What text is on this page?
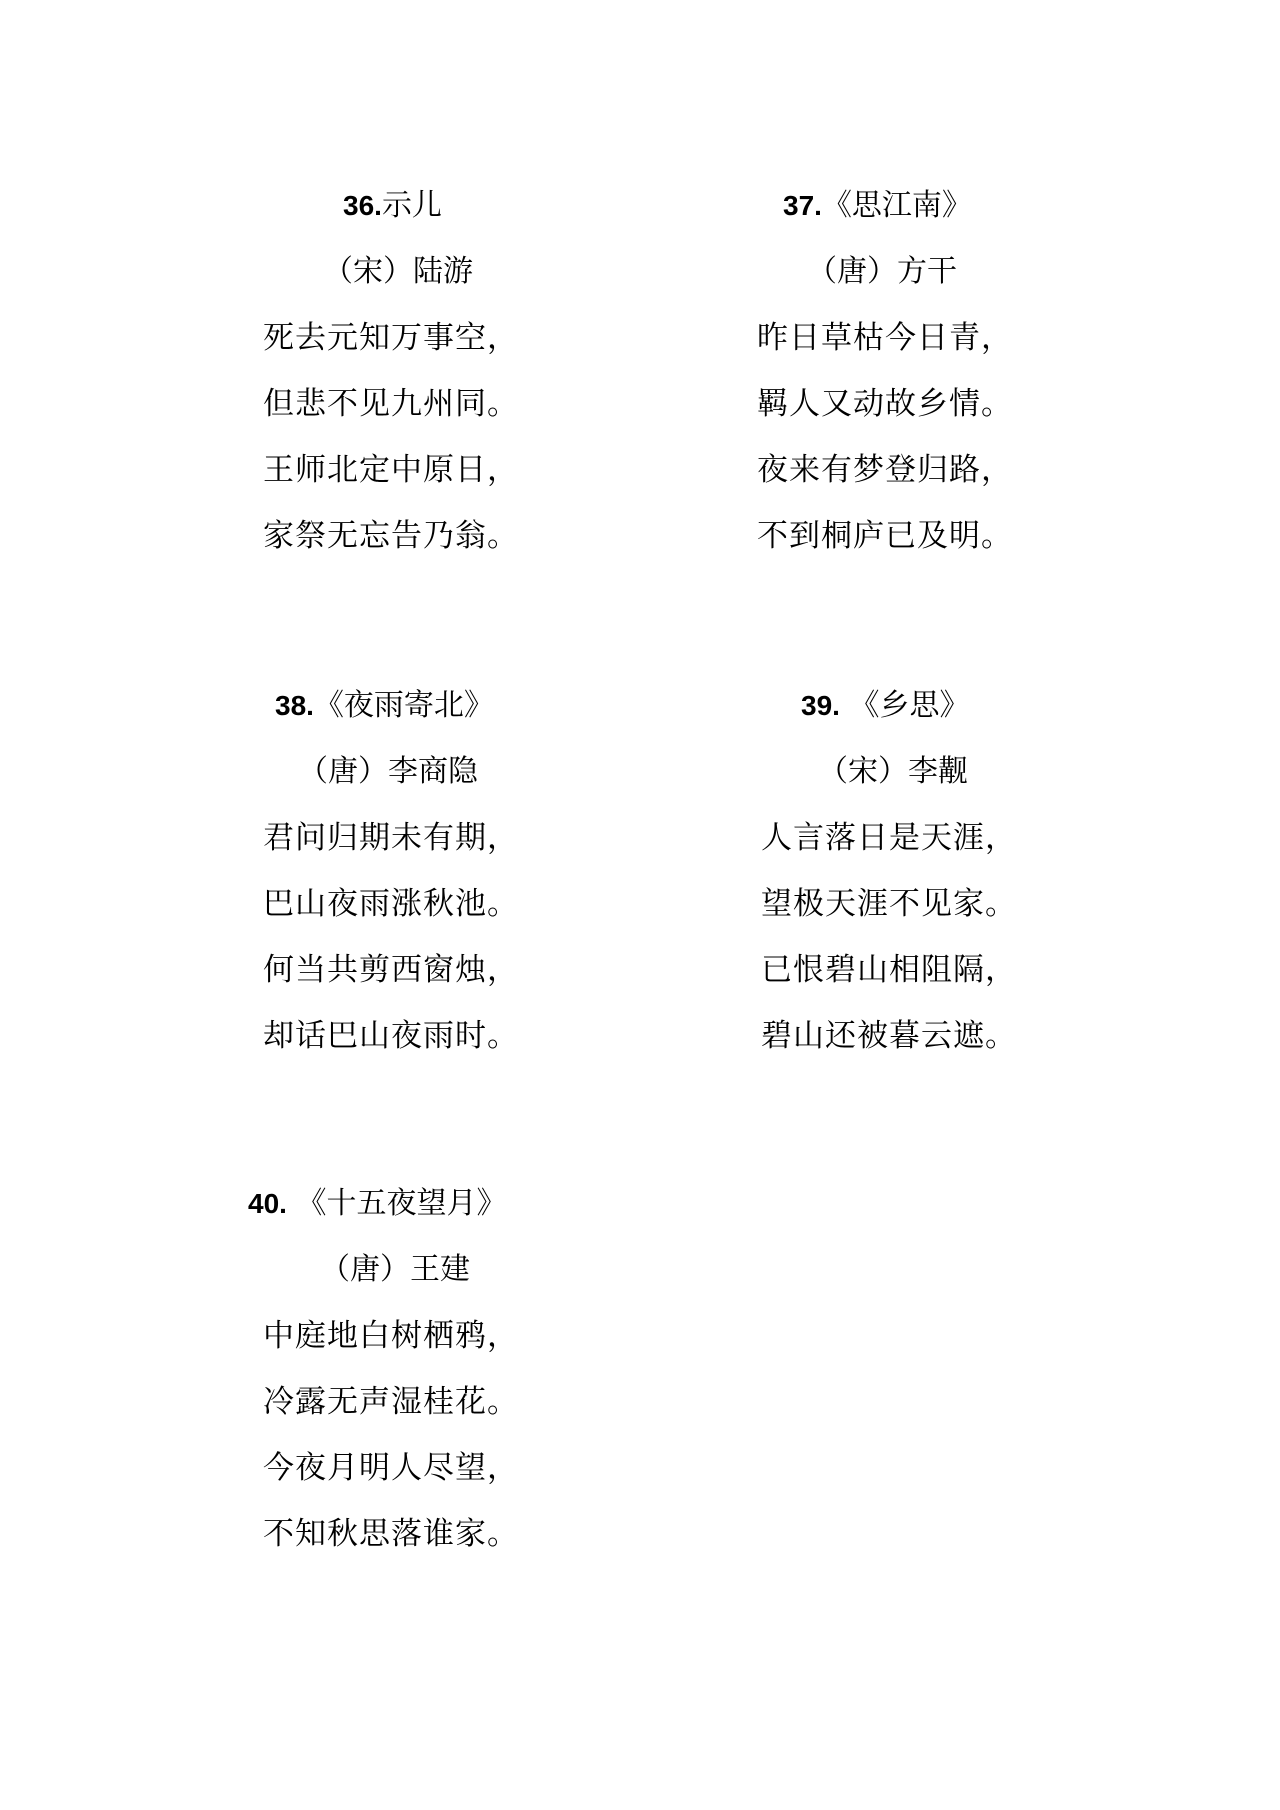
36.示儿
（宋）陆游
死去元知万事空，
但悲不见九州同。
王师北定中原日，
家祭无忘告乃翁。
37.《思江南》
（唐）方干
昨日草枯今日青，
羁人又动故乡情。
夜来有梦登归路，
不到桐庐已及明。
38.《夜雨寄北》
（唐）李商隐
君问归期未有期，
巴山夜雨涨秋池。
何当共剪西窗烛，
却话巴山夜雨时。
39. 《乡思》
（宋）李觏
人言落日是天涯，
望极天涯不见家。
已恨碧山相阻隔，
碧山还被暮云遮。
40. 《十五夜望月》
（唐）王建
中庭地白树栖鸦，
冷露无声湿桂花。
今夜月明人尽望，
不知秋思落谁家。
